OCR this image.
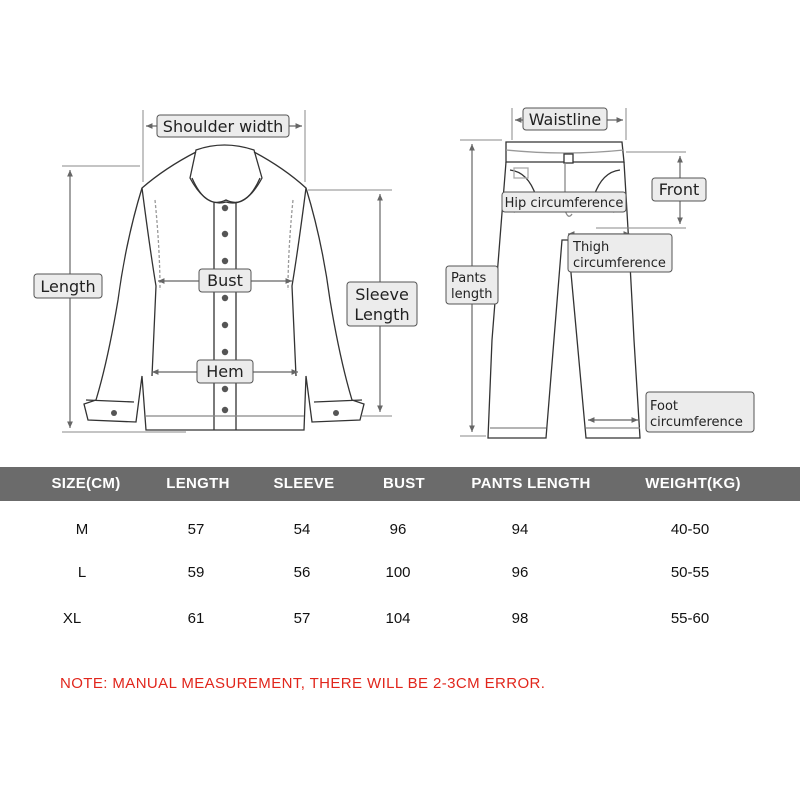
Shoulder width
Length	Bust
Sleeve
Length
Hem
Waistline
Front
Hip circumference
Thigh
circumference
Pants
length
Foot
circumference
SIZE(CM)	LENGTH	SLEEVE	BUST	PANTS LENGTH	WEIGHT(KG)
M	57	54	96	94	40-50
L	59	56	100	96	50-55
XL	61	57	104	98	55-60
NOTE: MANUAL MEASUREMENT, THERE WILL BE 2-3CM ERROR.
